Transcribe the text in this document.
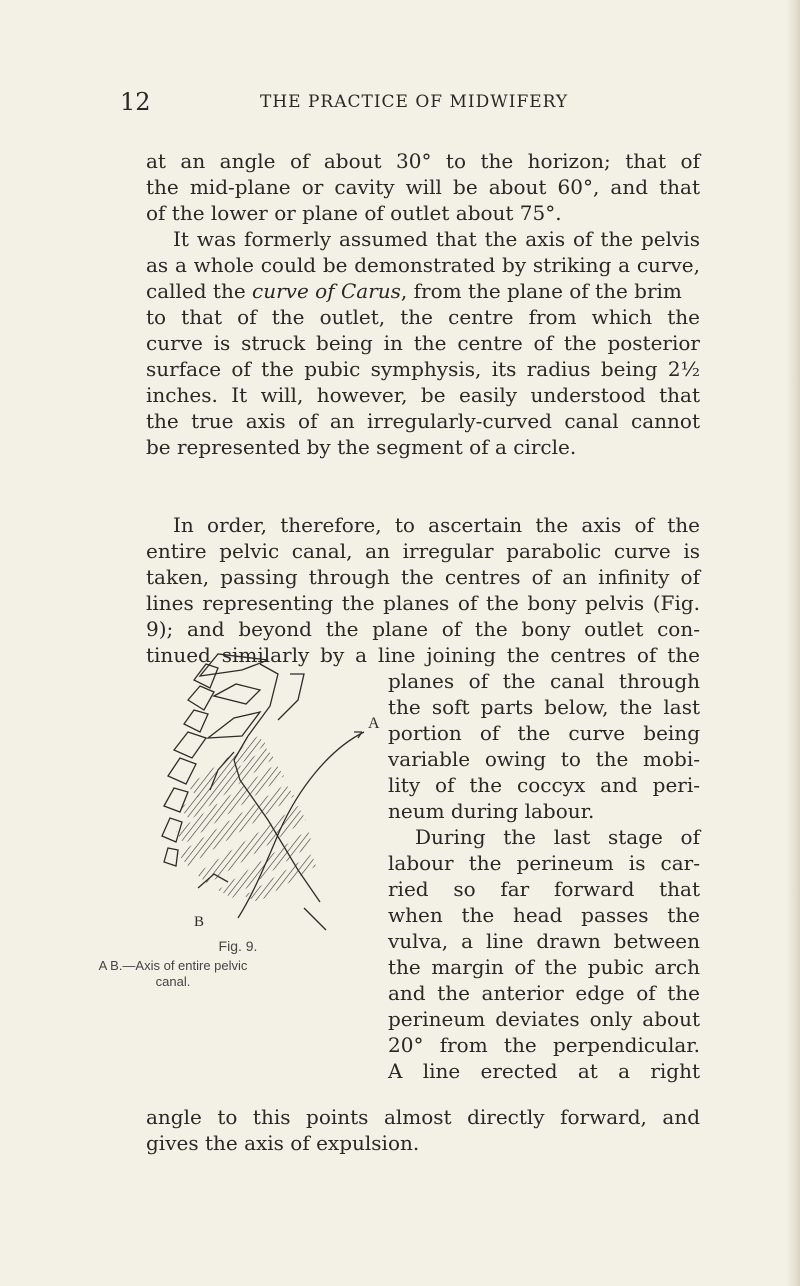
12	THE PRACTICE OF MIDWIFERY
at an angle of about 30° to the horizon; that of
the mid-plane or cavity will be about 60°, and that
of the lower or plane of outlet about 75°.
It was formerly assumed that the axis of the pelvis
as a whole could be demonstrated by striking a curve,
called the curve of Carus, from the plane of the brim
to that of the outlet, the centre from which the
curve is struck being in the centre of the posterior
surface of the pubic symphysis, its radius being 2½
inches. It will, however, be easily understood that
the true axis of an irregularly-curved canal cannot
be represented by the segment of a circle.
In order, therefore, to ascertain the axis of the
entire pelvic canal, an irregular parabolic curve is
taken, passing through the centres of an infinity of
lines representing the planes of the bony pelvis (Fig.
9); and beyond the plane of the bony outlet con-
tinued similarly by a line joining the centres of the
planes of the canal through
the soft parts below, the last
portion of the curve being
variable owing to the mobi-
lity of the coccyx and peri-
neum during labour.
During the last stage of
labour the perineum is car-
ried so far forward that
when the head passes the
vulva, a line drawn between
the margin of the pubic arch
and the anterior edge of the
perineum deviates only about
20° from the perpendicular.
A line erected at a right
angle to this points almost directly forward, and
gives the axis of expulsion.
A
B
Fig. 9.
A B.—Axis of entire pelvic canal.
